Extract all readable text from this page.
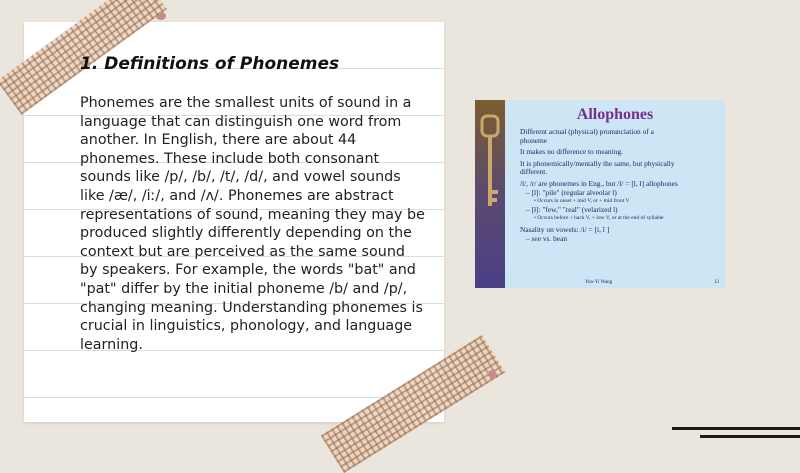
1. Definitions of Phonemes

Phonemes are the smallest units of sound in a language that can distinguish one word from another. In English, there are about 44 phonemes. These include both consonant sounds like /p/, /b/, /t/, /d/, and vowel sounds like /æ/, /iː/, and /ʌ/. Phonemes are abstract representations of sound, meaning they may be produced slightly differently depending on the context but are perceived as the same sound by speakers. For example, the words "bat" and "pat" differ by the initial phoneme /b/ and /p/, changing meaning. Understanding phonemes is crucial in linguistics, phonology, and language learning.

Allophones
Different actual (physical) pronunciation of a
phoneme
It makes no difference to meaning.
It is phonemically/mentally the same, but physically
different.
/l/, /r/ are phonemes in Eng., but /l/ = [l, ł] allophones
– [l]: "pile" (regular alveolar l)
• Occurs in onset + mid V, or + mid front V
– [ł]: "few," "real" (velarized l)
• Occurs before + back V, + low V, or at the end of syllable
Nasality on vowels: /i/ = [i, ĩ ]
– see vs. bean
Yun-Yi Wang	13
